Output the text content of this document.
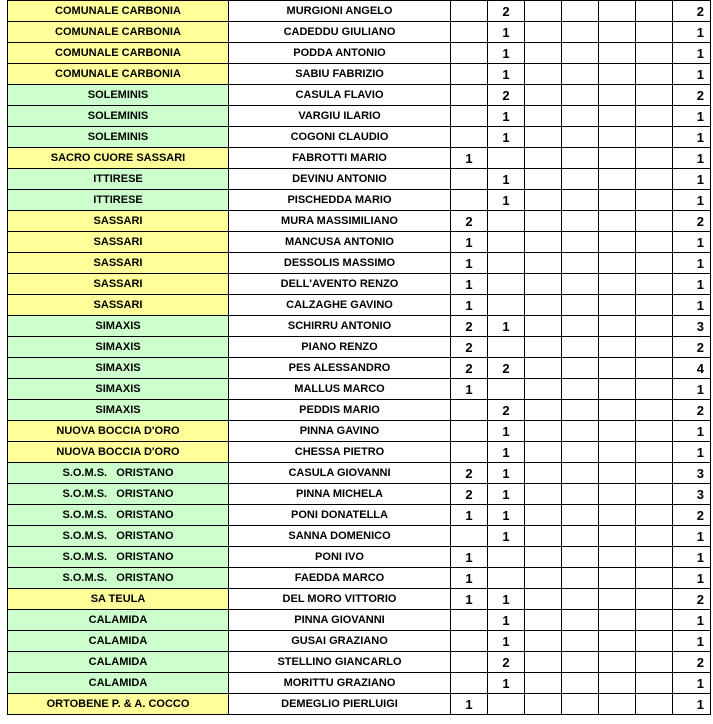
COMUNALE CARBONIA	MURGIONI ANGELO		2					2
COMUNALE CARBONIA	CADEDDU GIULIANO		1					1
COMUNALE CARBONIA	PODDA ANTONIO		1					1
COMUNALE CARBONIA	SABIU FABRIZIO		1					1
SOLEMINIS	CASULA FLAVIO		2					2
SOLEMINIS	VARGIU ILARIO		1					1
SOLEMINIS	COGONI CLAUDIO		1					1
SACRO CUORE SASSARI	FABROTTI MARIO	1						1
ITTIRESE	DEVINU ANTONIO		1					1
ITTIRESE	PISCHEDDA MARIO		1					1
SASSARI	MURA MASSIMILIANO	2						2
SASSARI	MANCUSA ANTONIO	1						1
SASSARI	DESSOLIS MASSIMO	1						1
SASSARI	DELL'AVENTO RENZO	1						1
SASSARI	CALZAGHE GAVINO	1						1
SIMAXIS	SCHIRRU ANTONIO	2	1					3
SIMAXIS	PIANO RENZO	2						2
SIMAXIS	PES ALESSANDRO	2	2					4
SIMAXIS	MALLUS MARCO	1						1
SIMAXIS	PEDDIS MARIO		2					2
NUOVA BOCCIA D'ORO	PINNA GAVINO		1					1
NUOVA BOCCIA D'ORO	CHESSA PIETRO		1					1
S.O.M.S.   ORISTANO	CASULA GIOVANNI	2	1					3
S.O.M.S.   ORISTANO	PINNA MICHELA	2	1					3
S.O.M.S.   ORISTANO	PONI DONATELLA	1	1					2
S.O.M.S.   ORISTANO	SANNA DOMENICO		1					1
S.O.M.S.   ORISTANO	PONI IVO	1						1
S.O.M.S.   ORISTANO	FAEDDA MARCO	1						1
SA TEULA	DEL MORO VITTORIO	1	1					2
CALAMIDA	PINNA GIOVANNI		1					1
CALAMIDA	GUSAI GRAZIANO		1					1
CALAMIDA	STELLINO GIANCARLO		2					2
CALAMIDA	MORITTU GRAZIANO		1					1
ORTOBENE P. & A. COCCO	DEMEGLIO PIERLUIGI	1						1
